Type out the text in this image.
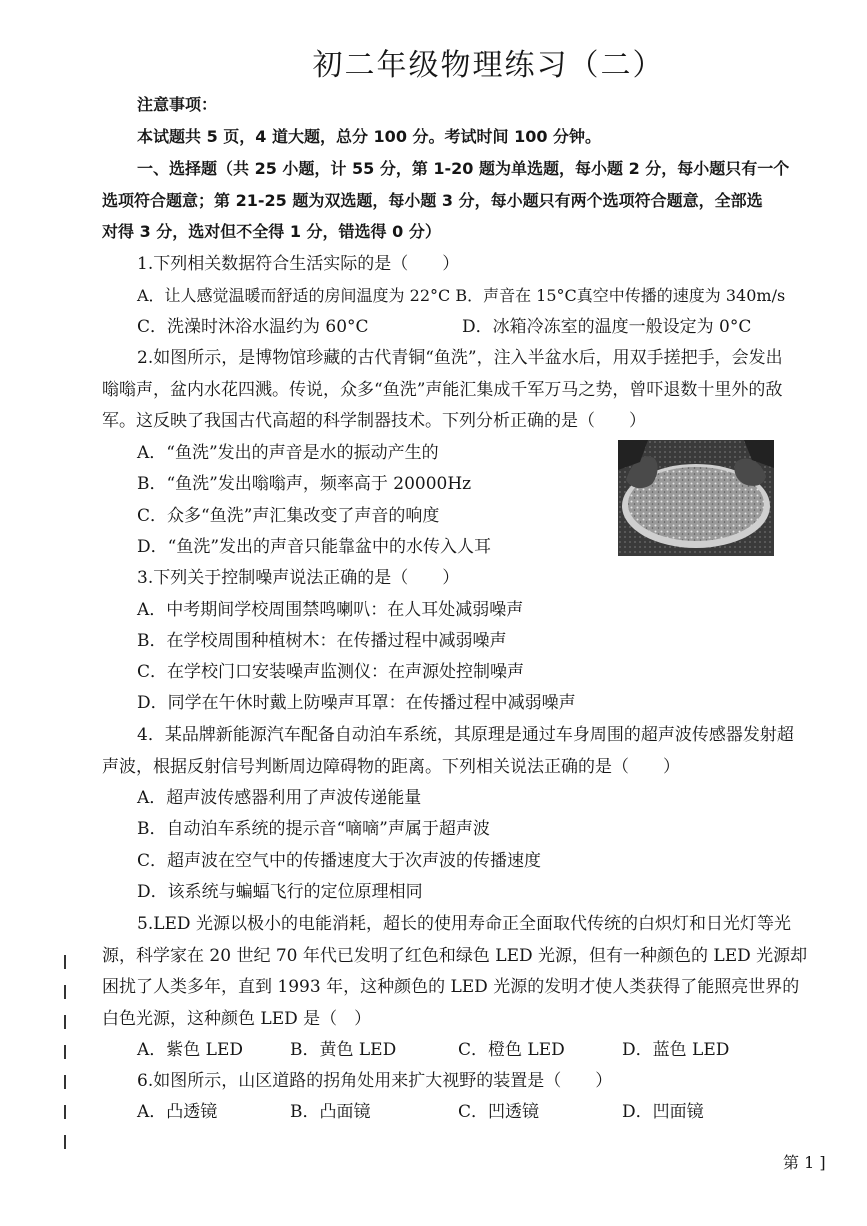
初二年级物理练习（二）
注意事项：
本试题共 5 页，4 道大题，总分 100 分。考试时间 100 分钟。
一、选择题（共 25 小题，计 55 分，第 1-20 题为单选题，每小题 2 分，每小题只有一个
选项符合题意；第 21-25 题为双选题，每小题 3 分，每小题只有两个选项符合题意，全部选
对得 3 分，选对但不全得 1 分，错选得 0 分）
1.下列相关数据符合生活实际的是（　　）
A．让人感觉温暖而舒适的房间温度为 22°C B．声音在 15°C真空中传播的速度为 340m/s
C．洗澡时沐浴水温约为 60°C	D．冰箱冷冻室的温度一般设定为 0°C
2.如图所示，是博物馆珍藏的古代青铜“鱼洗”，注入半盆水后，用双手搓把手，会发出
嗡嗡声，盆内水花四溅。传说，众多“鱼洗”声能汇集成千军万马之势，曾吓退数十里外的敌
军。这反映了我国古代高超的科学制器技术。下列分析正确的是（　　）
A．“鱼洗”发出的声音是水的振动产生的
B．“鱼洗”发出嗡嗡声，频率高于 20000Hz
C．众多“鱼洗”声汇集改变了声音的响度
D．“鱼洗”发出的声音只能靠盆中的水传入人耳
3.下列关于控制噪声说法正确的是（　　）
A．中考期间学校周围禁鸣喇叭：在人耳处减弱噪声
B．在学校周围种植树木：在传播过程中减弱噪声
C．在学校门口安装噪声监测仪：在声源处控制噪声
D．同学在午休时戴上防噪声耳罩：在传播过程中减弱噪声
4．某品牌新能源汽车配备自动泊车系统，其原理是通过车身周围的超声波传感器发射超
声波，根据反射信号判断周边障碍物的距离。下列相关说法正确的是（　　）
A．超声波传感器利用了声波传递能量
B．自动泊车系统的提示音“嘀嘀”声属于超声波
C．超声波在空气中的传播速度大于次声波的传播速度
D．该系统与蝙蝠飞行的定位原理相同
5.LED 光源以极小的电能消耗，超长的使用寿命正全面取代传统的白炽灯和日光灯等光
源，科学家在 20 世纪 70 年代已发明了红色和绿色 LED 光源，但有一种颜色的 LED 光源却
困扰了人类多年，直到 1993 年，这种颜色的 LED 光源的发明才使人类获得了能照亮世界的
白色光源，这种颜色 LED 是（　）
A．紫色 LED	B．黄色 LED	C．橙色 LED	D．蓝色 LED
6.如图所示，山区道路的拐角处用来扩大视野的装置是（　　）
A．凸透镜	B．凸面镜	C．凹透镜	D．凹面镜
第 1 ]
